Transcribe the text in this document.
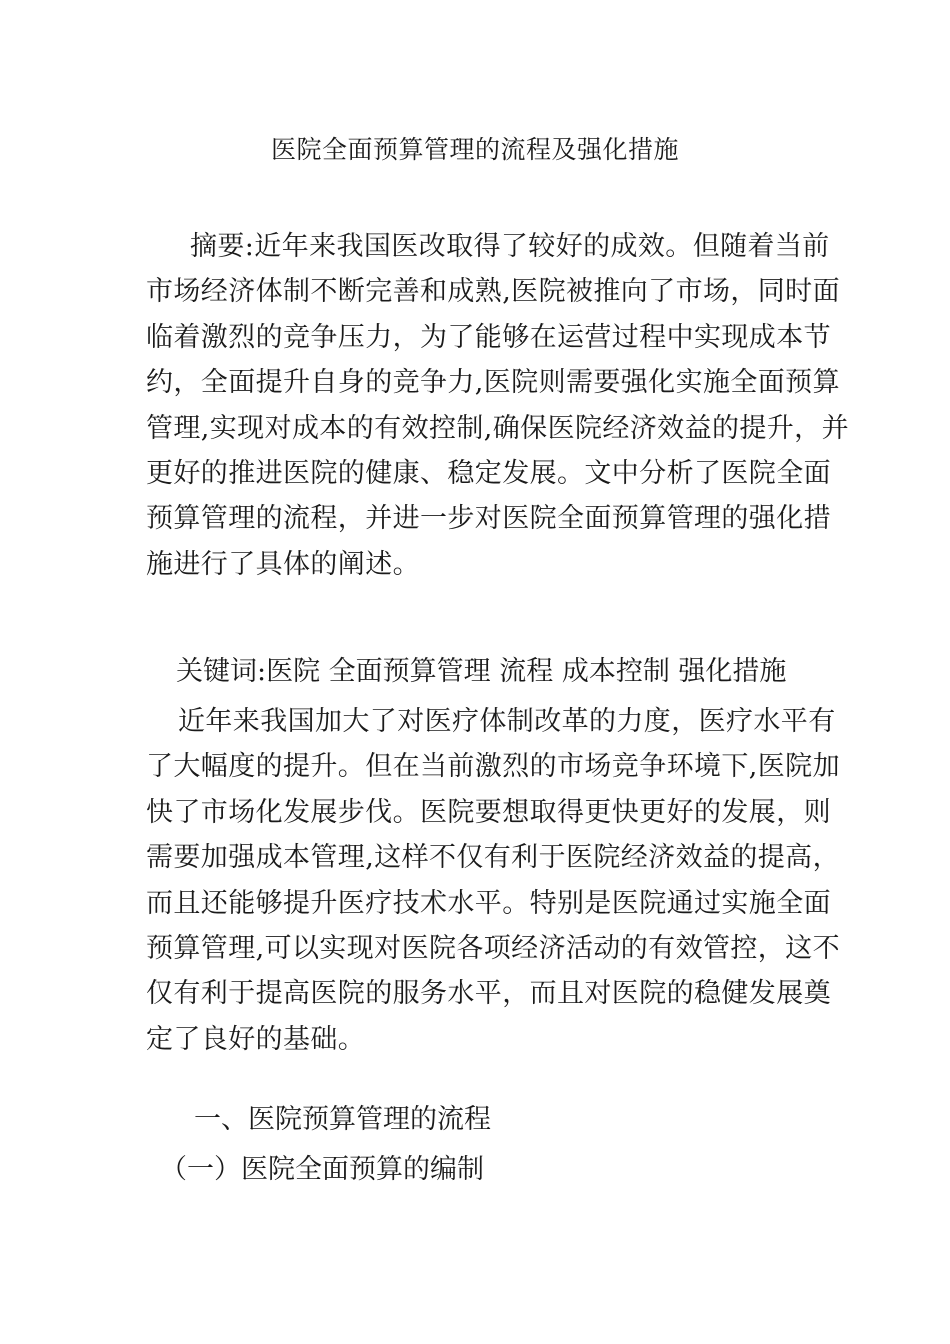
医院全面预算管理的流程及强化措施
摘要:近年来我国医改取得了较好的成效。但随着当前
市场经济体制不断完善和成熟,医院被推向了市场，同时面
临着激烈的竞争压力，为了能够在运营过程中实现成本节
约，全面提升自身的竞争力,医院则需要强化实施全面预算
管理,实现对成本的有效控制,确保医院经济效益的提升，并
更好的推进医院的健康、稳定发展。文中分析了医院全面
预算管理的流程，并进一步对医院全面预算管理的强化措
施进行了具体的阐述。
关键词:医院 全面预算管理 流程 成本控制 强化措施
近年来我国加大了对医疗体制改革的力度，医疗水平有
了大幅度的提升。但在当前激烈的市场竞争环境下,医院加
快了市场化发展步伐。医院要想取得更快更好的发展，则
需要加强成本管理,这样不仅有利于医院经济效益的提高，
而且还能够提升医疗技术水平。特别是医院通过实施全面
预算管理,可以实现对医院各项经济活动的有效管控，这不
仅有利于提高医院的服务水平，而且对医院的稳健发展奠
定了良好的基础。
一、医院预算管理的流程
（一）医院全面预算的编制
